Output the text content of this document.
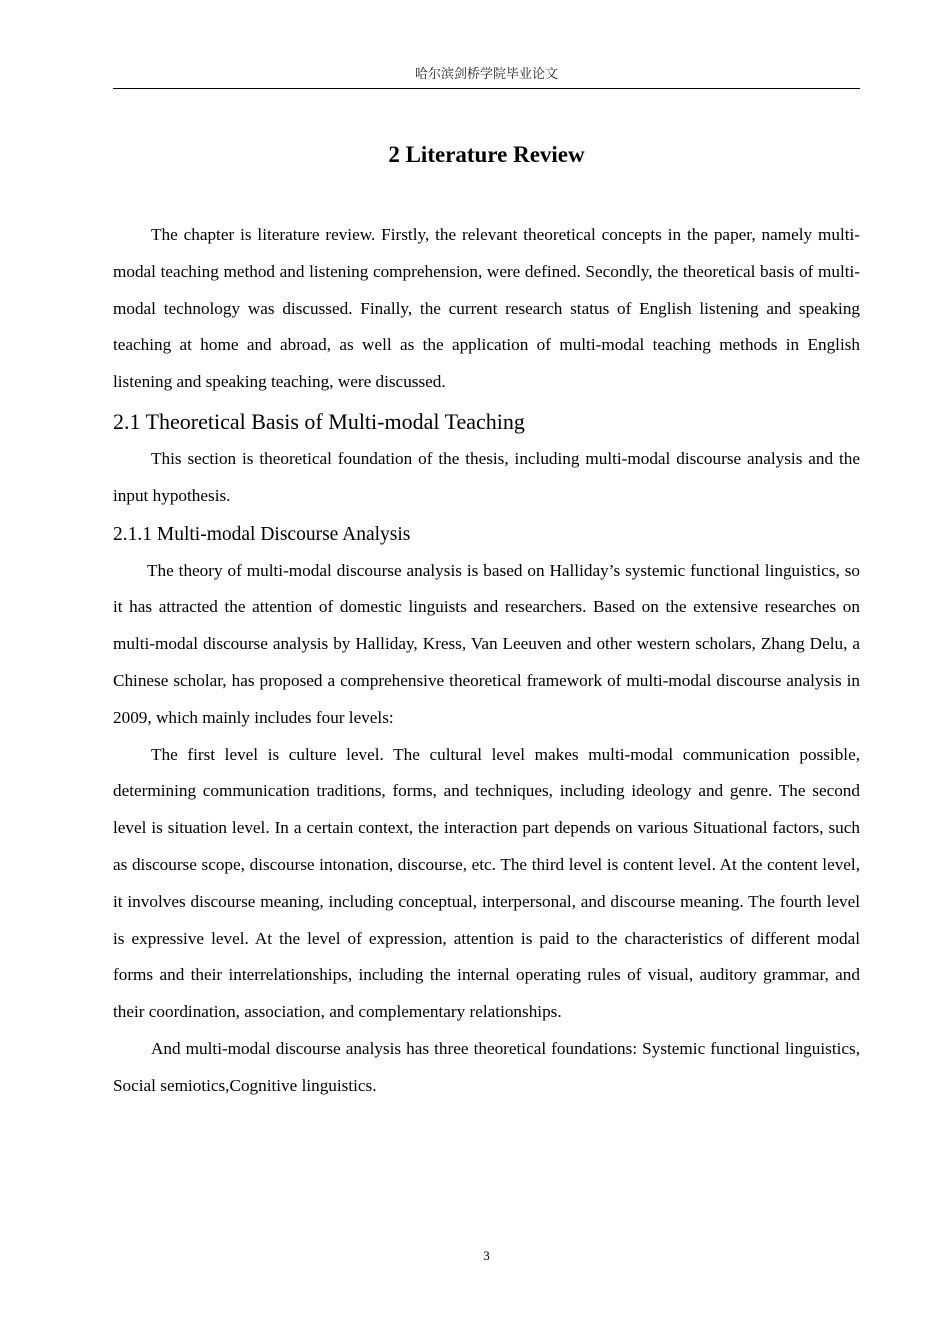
哈尔滨剑桥学院毕业论文
2 Literature Review

The chapter is literature review. Firstly, the relevant theoretical concepts in the paper, namely multi-modal teaching method and listening comprehension, were defined. Secondly, the theoretical basis of multi-modal technology was discussed. Finally, the current research status of English listening and speaking teaching at home and abroad, as well as the application of multi-modal teaching methods in English listening and speaking teaching, were discussed.

2.1 Theoretical Basis of Multi-modal Teaching

This section is theoretical foundation of the thesis, including multi-modal discourse analysis and the input hypothesis.

2.1.1 Multi-modal Discourse Analysis

The theory of multi-modal discourse analysis is based on Halliday’s systemic functional linguistics, so it has attracted the attention of domestic linguists and researchers. Based on the extensive researches on multi-modal discourse analysis by Halliday, Kress, Van Leeuven and other western scholars, Zhang Delu, a Chinese scholar, has proposed a comprehensive theoretical framework of multi-modal discourse analysis in 2009, which mainly includes four levels:

The first level is culture level. The cultural level makes multi-modal communication possible, determining communication traditions, forms, and techniques, including ideology and genre. The second level is situation level. In a certain context, the interaction part depends on various Situational factors, such as discourse scope, discourse intonation, discourse, etc. The third level is content level. At the content level, it involves discourse meaning, including conceptual, interpersonal, and discourse meaning. The fourth level is expressive level. At the level of expression, attention is paid to the characteristics of different modal forms and their interrelationships, including the internal operating rules of visual, auditory grammar, and their coordination, association, and complementary relationships.

And multi-modal discourse analysis has three theoretical foundations: Systemic functional linguistics, Social semiotics,Cognitive linguistics.

3
